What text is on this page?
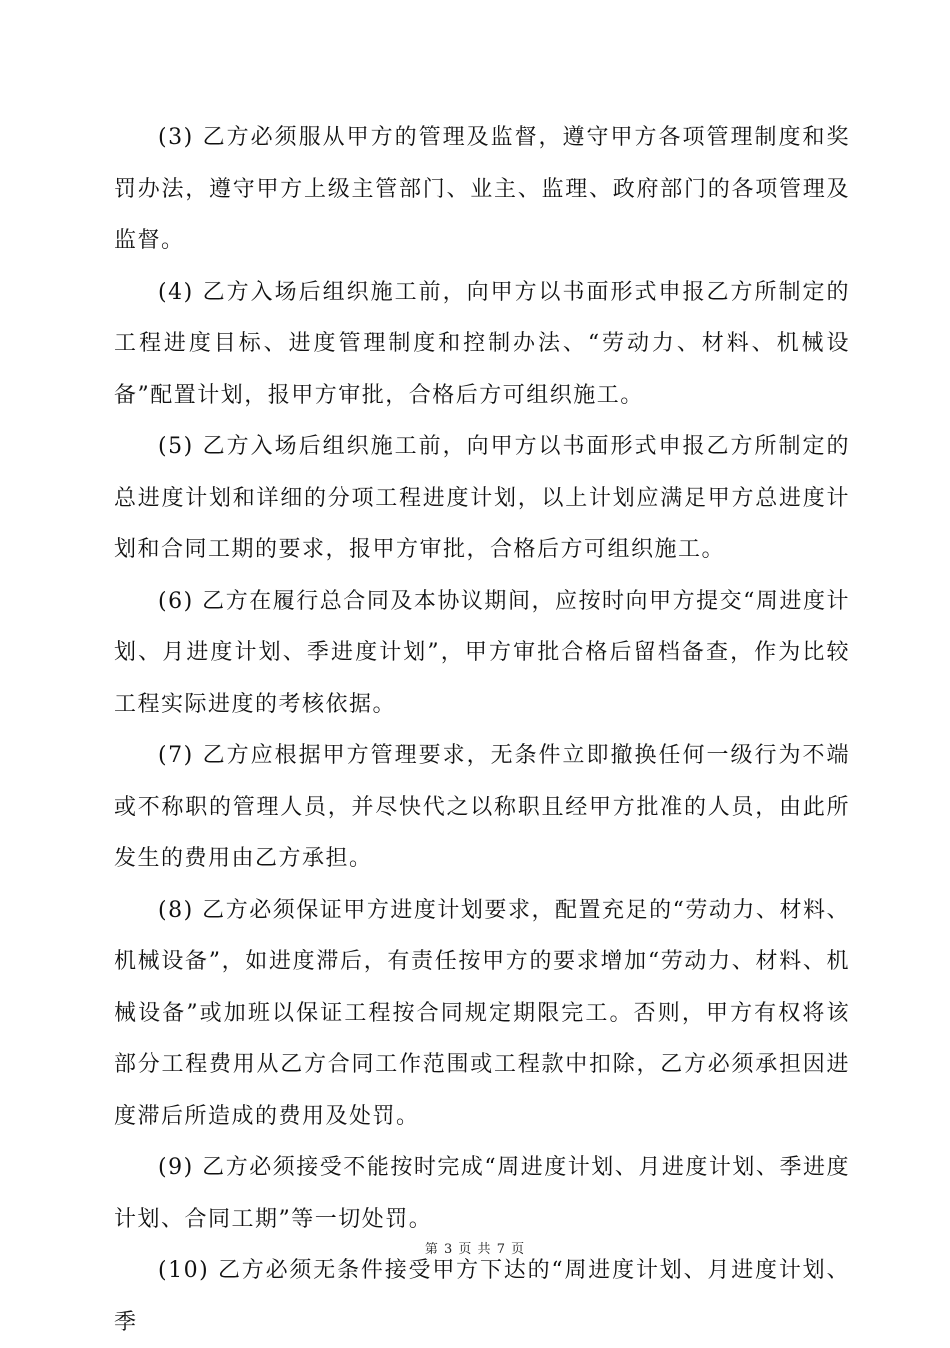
(3) 乙方必须服从甲方的管理及监督，遵守甲方各项管理制度和奖罚办法，遵守甲方上级主管部门、业主、监理、政府部门的各项管理及监督。

(4) 乙方入场后组织施工前，向甲方以书面形式申报乙方所制定的工程进度目标、进度管理制度和控制办法、“劳动力、材料、机械设备”配置计划，报甲方审批，合格后方可组织施工。

(5) 乙方入场后组织施工前，向甲方以书面形式申报乙方所制定的总进度计划和详细的分项工程进度计划，以上计划应满足甲方总进度计划和合同工期的要求，报甲方审批，合格后方可组织施工。

(6) 乙方在履行总合同及本协议期间，应按时向甲方提交“周进度计划、月进度计划、季进度计划”，甲方审批合格后留档备查，作为比较工程实际进度的考核依据。

(7) 乙方应根据甲方管理要求，无条件立即撤换任何一级行为不端或不称职的管理人员，并尽快代之以称职且经甲方批准的人员，由此所发生的费用由乙方承担。

(8) 乙方必须保证甲方进度计划要求，配置充足的“劳动力、材料、机械设备”，如进度滞后，有责任按甲方的要求增加“劳动力、材料、机械设备”或加班以保证工程按合同规定期限完工。否则，甲方有权将该部分工程费用从乙方合同工作范围或工程款中扣除，乙方必须承担因进度滞后所造成的费用及处罚。

(9) 乙方必须接受不能按时完成“周进度计划、月进度计划、季进度计划、合同工期”等一切处罚。

(10) 乙方必须无条件接受甲方下达的“周进度计划、月进度计划、季

第 3 页 共 7 页
